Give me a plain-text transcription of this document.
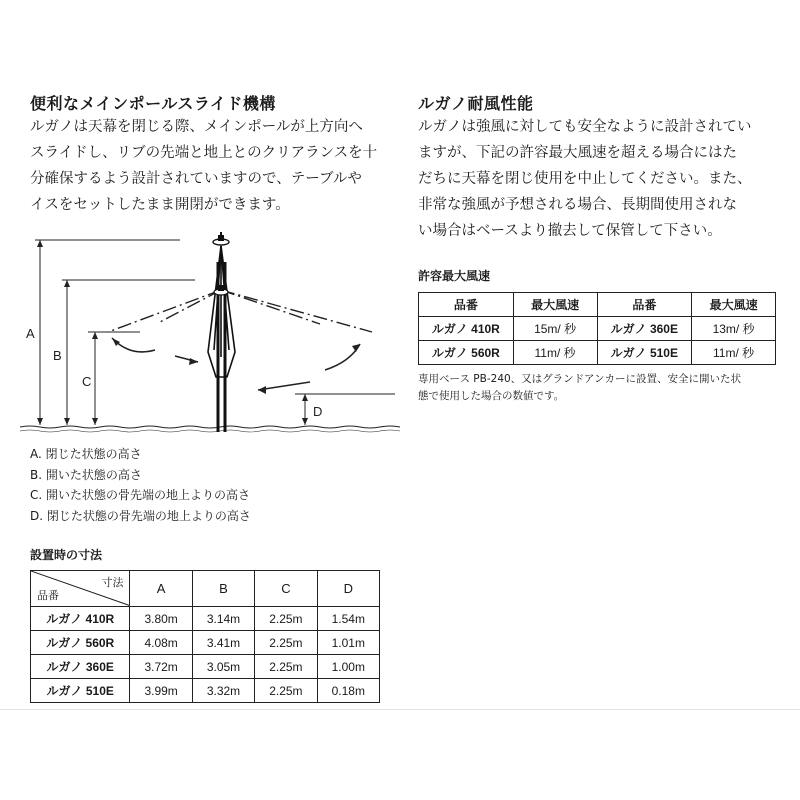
便利なメインポールスライド機構
ルガノは天幕を閉じる際、メインポールが上方向へ
スライドし、リブの先端と地上とのクリアランスを十
分確保するよう設計されていますので、テーブルや
イスをセットしたまま開閉ができます。
A
B
C
D
A. 閉じた状態の高さ
B. 開いた状態の高さ
C. 開いた状態の骨先端の地上よりの高さ
D. 閉じた状態の骨先端の地上よりの高さ
設置時の寸法
寸法
品番	A	B	C	D
ルガノ 410R	3.80m	3.14m	2.25m	1.54m
ルガノ 560R	4.08m	3.41m	2.25m	1.01m
ルガノ 360E	3.72m	3.05m	2.25m	1.00m
ルガノ 510E	3.99m	3.32m	2.25m	0.18m
ルガノ耐風性能
ルガノは強風に対しても安全なように設計されてい
ますが、下記の許容最大風速を超える場合にはた
だちに天幕を閉じ使用を中止してください。また、
非常な強風が予想される場合、長期間使用されな
い場合はベースより撤去して保管して下さい。
許容最大風速
品番	最大風速	品番	最大風速
ルガノ 410R	15m/ 秒	ルガノ 360E	13m/ 秒
ルガノ 560R	11m/ 秒	ルガノ 510E	11m/ 秒
専用ベース PB-240、又はグランドアンカーに設置、安全に開いた状
態で使用した場合の数値です。
